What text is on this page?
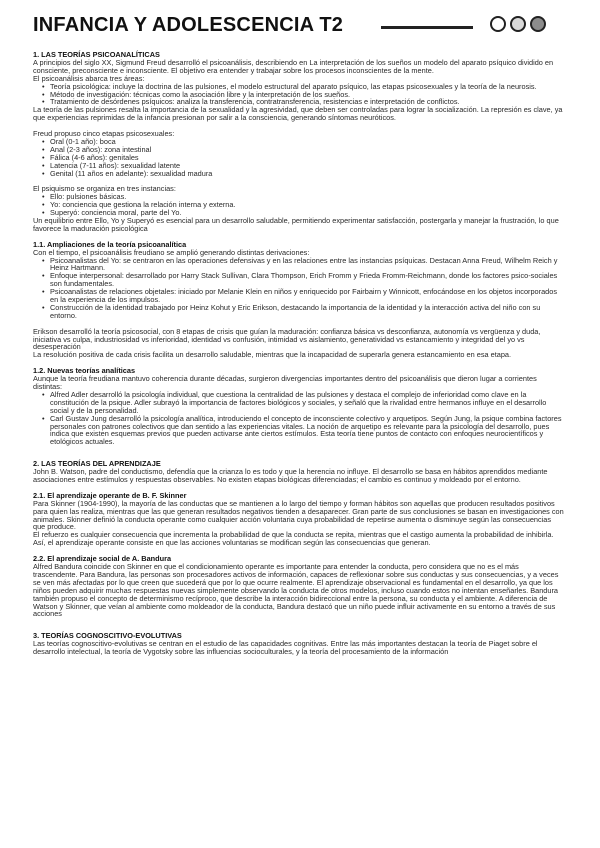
INFANCIA Y ADOLESCENCIA T2

1. LAS TEORÍAS PSICOANALÍTICAS

A principios del siglo XX, Sigmund Freud desarrolló el psicoanálisis, describiendo en La interpretación de los sueños un modelo del aparato psíquico dividido en consciente, preconsciente e inconsciente. El objetivo era entender y trabajar sobre los procesos inconscientes de la mente.

El psicoanálisis abarca tres áreas:

• Teoría psicológica: incluye la doctrina de las pulsiones, el modelo estructural del aparato psíquico, las etapas psicosexuales y la teoría de la neurosis.
• Método de investigación: técnicas como la asociación libre y la interpretación de los sueños.
• Tratamiento de desórdenes psíquicos: analiza la transferencia, contratransferencia, resistencias e interpretación de conflictos.

La teoría de las pulsiones resalta la importancia de la sexualidad y la agresividad, que deben ser controladas para lograr la socialización. La represión es clave, ya que experiencias reprimidas de la infancia presionan por salir a la consciencia, generando síntomas neuróticos.

Freud propuso cinco etapas psicosexuales:

• Oral (0-1 año): boca
• Anal (2-3 años): zona intestinal
• Fálica (4-6 años): genitales
• Latencia (7-11 años): sexualidad latente
• Genital (11 años en adelante): sexualidad madura

El psiquismo se organiza en tres instancias:

• Ello: pulsiones básicas.
• Yo: conciencia que gestiona la relación interna y externa.
• Superyó: conciencia moral, parte del Yo.

Un equilibrio entre Ello, Yo y Superyó es esencial para un desarrollo saludable, permitiendo experimentar satisfacción, postergarla y manejar la frustración, lo que favorece la maduración psicológica

1.1. Ampliaciones de la teoría psicoanalítica

Con el tiempo, el psicoanálisis freudiano se amplió generando distintas derivaciones:

• Psicoanalistas del Yo: se centraron en las operaciones defensivas y en las relaciones entre las instancias psíquicas. Destacan Anna Freud, Wilhelm Reich y Heinz Hartmann.
• Enfoque interpersonal: desarrollado por Harry Stack Sullivan, Clara Thompson, Erich Fromm y Frieda Fromm-Reichmann, donde los factores psico-sociales son fundamentales.
• Psicoanalistas de relaciones objetales: iniciado por Melanie Klein en niños y enriquecido por Fairbairn y Winnicott, enfocándose en los objetos incorporados en la experiencia de los impulsos.
• Construcción de la identidad trabajado por Heinz Kohut y Eric Erikson, destacando la importancia de la identidad y la interacción activa del niño con su entorno.

Erikson desarrolló la teoría psicosocial, con 8 etapas de crisis que guían la maduración: confianza básica vs desconfianza, autonomía vs vergüenza y duda, iniciativa vs culpa, industriosidad vs inferioridad, identidad vs confusión, intimidad vs aislamiento, generatividad vs estancamiento y integridad del yo vs desesperación

La resolución positiva de cada crisis facilita un desarrollo saludable, mientras que la incapacidad de superarla genera estancamiento en esa etapa.

1.2. Nuevas teorías analíticas

Aunque la teoría freudiana mantuvo coherencia durante décadas, surgieron divergencias importantes dentro del psicoanálisis que dieron lugar a corrientes distintas:

• Alfred Adler desarrolló la psicología individual, que cuestiona la centralidad de las pulsiones y destaca el complejo de inferioridad como clave en la constitución de la psique. Adler subrayó la importancia de factores biológicos y sociales, y señaló que la rivalidad entre hermanos influye en el desarrollo social y de la personalidad.
• Carl Gustav Jung desarrolló la psicología analítica, introduciendo el concepto de inconsciente colectivo y arquetipos. Según Jung, la psique combina factores personales con patrones colectivos que dan sentido a las experiencias vitales. La noción de arquetipo es relevante para la psicología del desarrollo, pues indica que existen esquemas previos que pueden activarse ante ciertos estímulos. Esta teoría tiene puntos de contacto con enfoques neurocientíficos y etológicos actuales.

2. LAS TEORÍAS DEL APRENDIZAJE

John B. Watson, padre del conductismo, defendía que la crianza lo es todo y que la herencia no influye. El desarrollo se basa en hábitos aprendidos mediante asociaciones entre estímulos y respuestas observables. No existen etapas biológicas diferenciadas; el cambio es continuo y moldeado por el entorno.

2.1. El aprendizaje operante de B. F. Skinner

Para Skinner (1904-1990), la mayoría de las conductas que se mantienen a lo largo del tiempo y forman hábitos son aquellas que producen resultados positivos para quien las realiza, mientras que las que generan resultados negativos tienden a desaparecer. Gran parte de sus conclusiones se basan en investigaciones con animales. Skinner definió la conducta operante como cualquier acción voluntaria cuya probabilidad de repetirse aumenta o disminuye según las consecuencias que produce.

El refuerzo es cualquier consecuencia que incrementa la probabilidad de que la conducta se repita, mientras que el castigo aumenta la probabilidad de inhibirla. Así, el aprendizaje operante consiste en que las acciones voluntarias se modifican según las consecuencias que generan.

2.2. El aprendizaje social de A. Bandura

Alfred Bandura coincide con Skinner en que el condicionamiento operante es importante para entender la conducta, pero considera que no es el más trascendente. Para Bandura, las personas son procesadores activos de información, capaces de reflexionar sobre sus conductas y sus consecuencias, y a veces se ven más afectadas por lo que creen que sucederá que por lo que ocurre realmente. El aprendizaje observacional es fundamental en el desarrollo, ya que los niños pueden adquirir muchas respuestas nuevas simplemente observando la conducta de otros modelos, incluso cuando estos no intentan enseñarles. Bandura también propuso el concepto de determinismo recíproco, que describe la interacción bidireccional entre la persona, su conducta y el ambiente. A diferencia de Watson y Skinner, que veían al ambiente como moldeador de la conducta, Bandura destacó que un niño puede influir activamente en su entorno a través de sus acciones

3. TEORÍAS COGNOSCITIVO-EVOLUTIVAS

Las teorías cognoscitivo-evolutivas se centran en el estudio de las capacidades cognitivas. Entre las más importantes destacan la teoría de Piaget sobre el desarrollo intelectual, la teoría de Vygotsky sobre las influencias socioculturales, y la teoría del procesamiento de la información
